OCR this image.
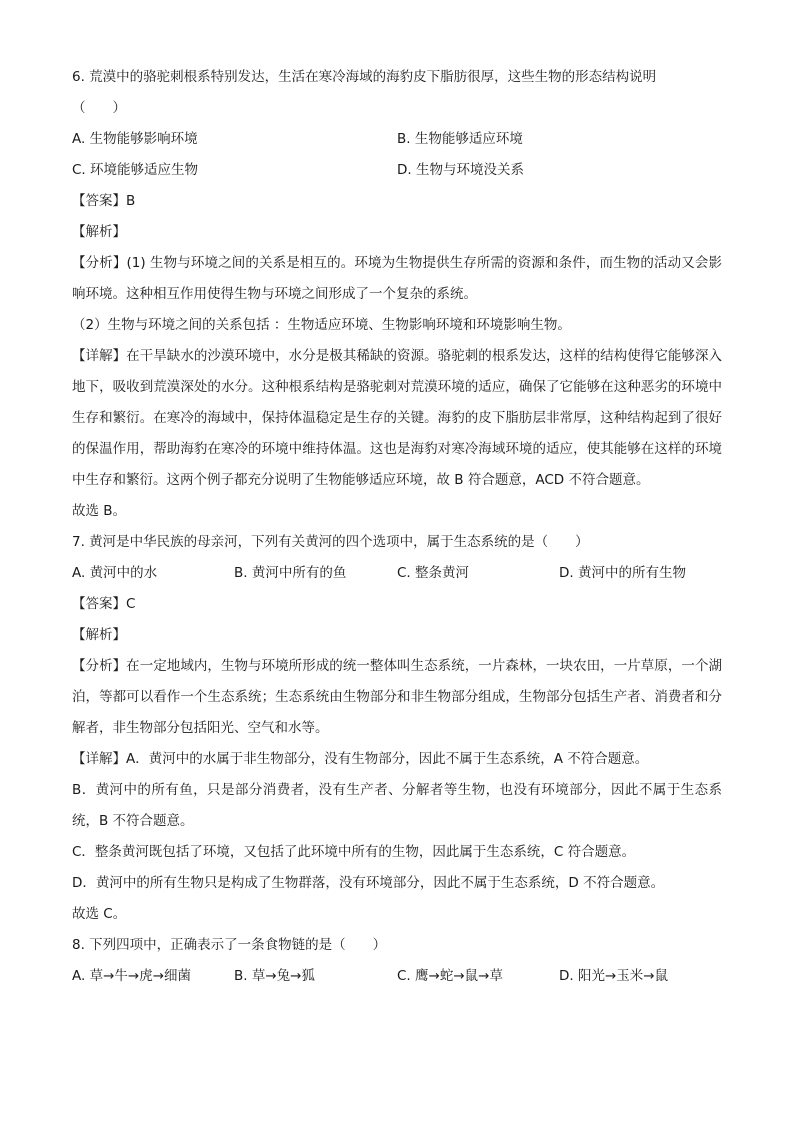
6. 荒漠中的骆驼刺根系特别发达，生活在寒冷海域的海豹皮下脂肪很厚，这些生物的形态结构说明
（　　）
A. 生物能够影响环境	B. 生物能够适应环境
C. 环境能够适应生物	D. 生物与环境没关系
【答案】B
【解析】
【分析】(1) 生物与环境之间的关系是相互的。环境为生物提供生存所需的资源和条件，而生物的活动又会影响环境。这种相互作用使得生物与环境之间形成了一个复杂的系统。
（2）生物与环境之间的关系包括 ：生物适应环境、生物影响环境和环境影响生物。
【详解】在干旱缺水的沙漠环境中，水分是极其稀缺的资源。骆驼刺的根系发达，这样的结构使得它能够深入地下，吸收到荒漠深处的水分。这种根系结构是骆驼刺对荒漠环境的适应，确保了它能够在这种恶劣的环境中生存和繁衍。在寒冷的海域中，保持体温稳定是生存的关键。海豹的皮下脂肪层非常厚，这种结构起到了很好的保温作用，帮助海豹在寒冷的环境中维持体温。这也是海豹对寒冷海域环境的适应，使其能够在这样的环境中生存和繁衍。这两个例子都充分说明了生物能够适应环境，故 B 符合题意，ACD 不符合题意。
故选 B。
7. 黄河是中华民族的母亲河，下列有关黄河的四个选项中，属于生态系统的是（　　）
A. 黄河中的水	B. 黄河中所有的鱼	C. 整条黄河	D. 黄河中的所有生物
【答案】C
【解析】
【分析】在一定地域内，生物与环境所形成的统一整体叫生态系统，一片森林，一块农田，一片草原，一个湖泊，等都可以看作一个生态系统；生态系统由生物部分和非生物部分组成，生物部分包括生产者、消费者和分解者，非生物部分包括阳光、空气和水等。
【详解】A．黄河中的水属于非生物部分，没有生物部分，因此不属于生态系统，A 不符合题意。
B．黄河中的所有鱼，只是部分消费者，没有生产者、分解者等生物，也没有环境部分，因此不属于生态系统，B 不符合题意。
C．整条黄河既包括了环境，又包括了此环境中所有的生物，因此属于生态系统，C 符合题意。
D．黄河中的所有生物只是构成了生物群落，没有环境部分，因此不属于生态系统，D 不符合题意。
故选 C。
8. 下列四项中，正确表示了一条食物链的是（　　）
A. 草→牛→虎→细菌	B. 草→兔→狐	C. 鹰→蛇→鼠→草	D. 阳光→玉米→鼠
